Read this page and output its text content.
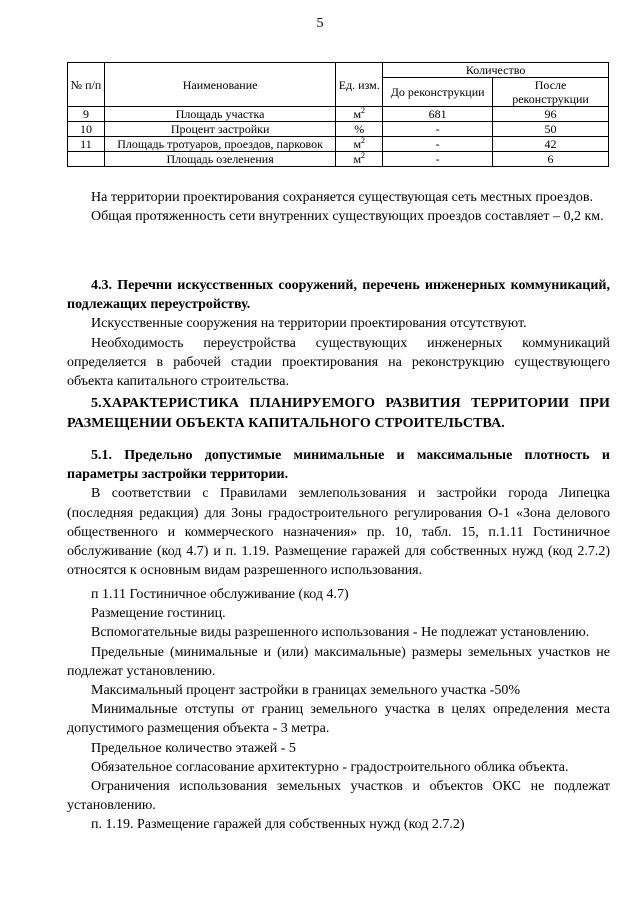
5
№ п/п	Наименование	Ед. изм.	Количество	
			До реконструкции	После реконструкции
9	Площадь участка	$м^2$	681	96
10	Процент застройки	%	-	50
11	Площадь тротуаров, проездов, парковок	$м^2$	-	42
	Площадь озеленения	$м^2$	-	6

На территории проектирования сохраняется существующая сеть местных проездов.

Общая протяженность сети внутренних существующих проездов составляет – 0,2 км.

4.3. Перечни искусственных сооружений, перечень инженерных коммуникаций, подлежащих переустройству.

Искусственные сооружения на территории проектирования отсутствуют.

Необходимость переустройства существующих инженерных коммуникаций определяется в рабочей стадии проектирования на реконструкцию существующего объекта капитального строительства.

5.ХАРАКТЕРИСТИКА ПЛАНИРУЕМОГО РАЗВИТИЯ ТЕРРИТОРИИ ПРИ РАЗМЕЩЕНИИ ОБЪЕКТА КАПИТАЛЬНОГО СТРОИТЕЛЬСТВА.
5.1. Предельно допустимые минимальные и максимальные плотность и параметры застройки территории.

В соответствии с Правилами землепользования и застройки города Липецка (последняя редакция) для Зоны градостроительного регулирования О-1 «Зона делового общественного и коммерческого назначения» пр. 10, табл. 15, п.1.11 Гостиничное обслуживание (код 4.7) и п. 1.19. Размещение гаражей для собственных нужд (код 2.7.2) относятся к основным видам разрешенного использования.

п 1.11 Гостиничное обслуживание (код 4.7)

Размещение гостиниц.

Вспомогательные виды разрешенного использования - Не подлежат установлению.

Предельные (минимальные и (или) максимальные) размеры земельных участков не подлежат установлению.

Максимальный процент застройки в границах земельного участка -50%

Минимальные отступы от границ земельного участка в целях определения места допустимого размещения объекта - 3 метра.

Предельное количество этажей - 5

Обязательное согласование архитектурно - градостроительного облика объекта.

Ограничения использования земельных участков и объектов ОКС не подлежат установлению.

п. 1.19. Размещение гаражей для собственных нужд (код 2.7.2)
